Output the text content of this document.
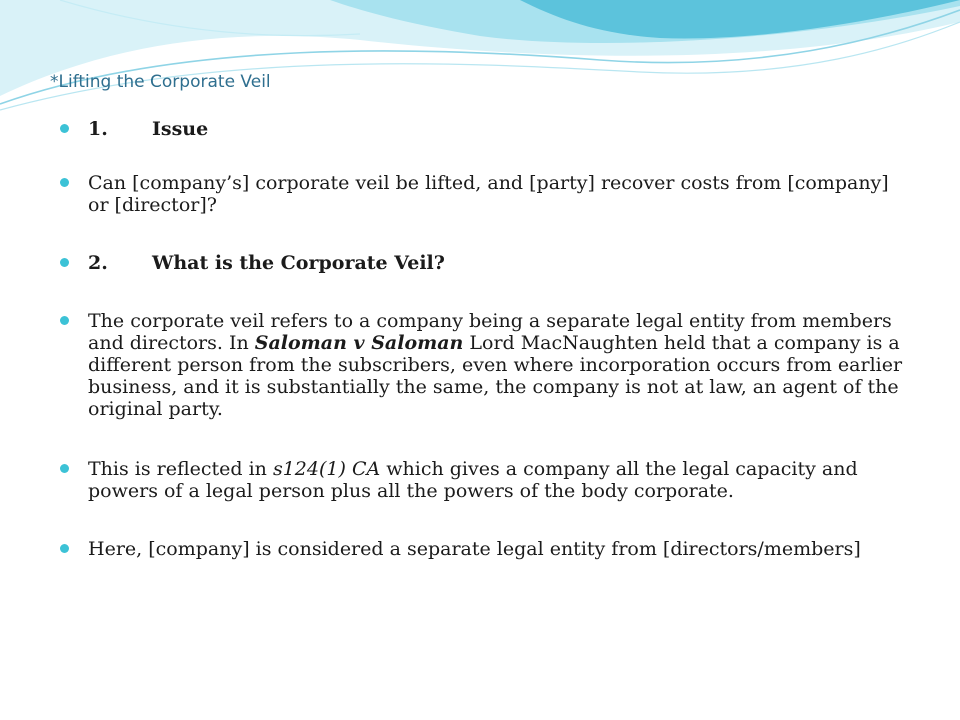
*Lifting the Corporate Veil
1. Issue
Can [company’s] corporate veil be lifted, and [party] recover costs from [company] or [director]?
2. What is the Corporate Veil?
The corporate veil refers to a company being a separate legal entity from members and directors. In Saloman v Saloman Lord MacNaughten held that a company is a different person from the subscribers, even where incorporation occurs from earlier business, and it is substantially the same, the company is not at law, an agent of the original party.
This is reflected in s124(1) CA which gives a company all the legal capacity and powers of a legal person plus all the powers of the body corporate.
Here, [company] is considered a separate legal entity from [directors/members]
